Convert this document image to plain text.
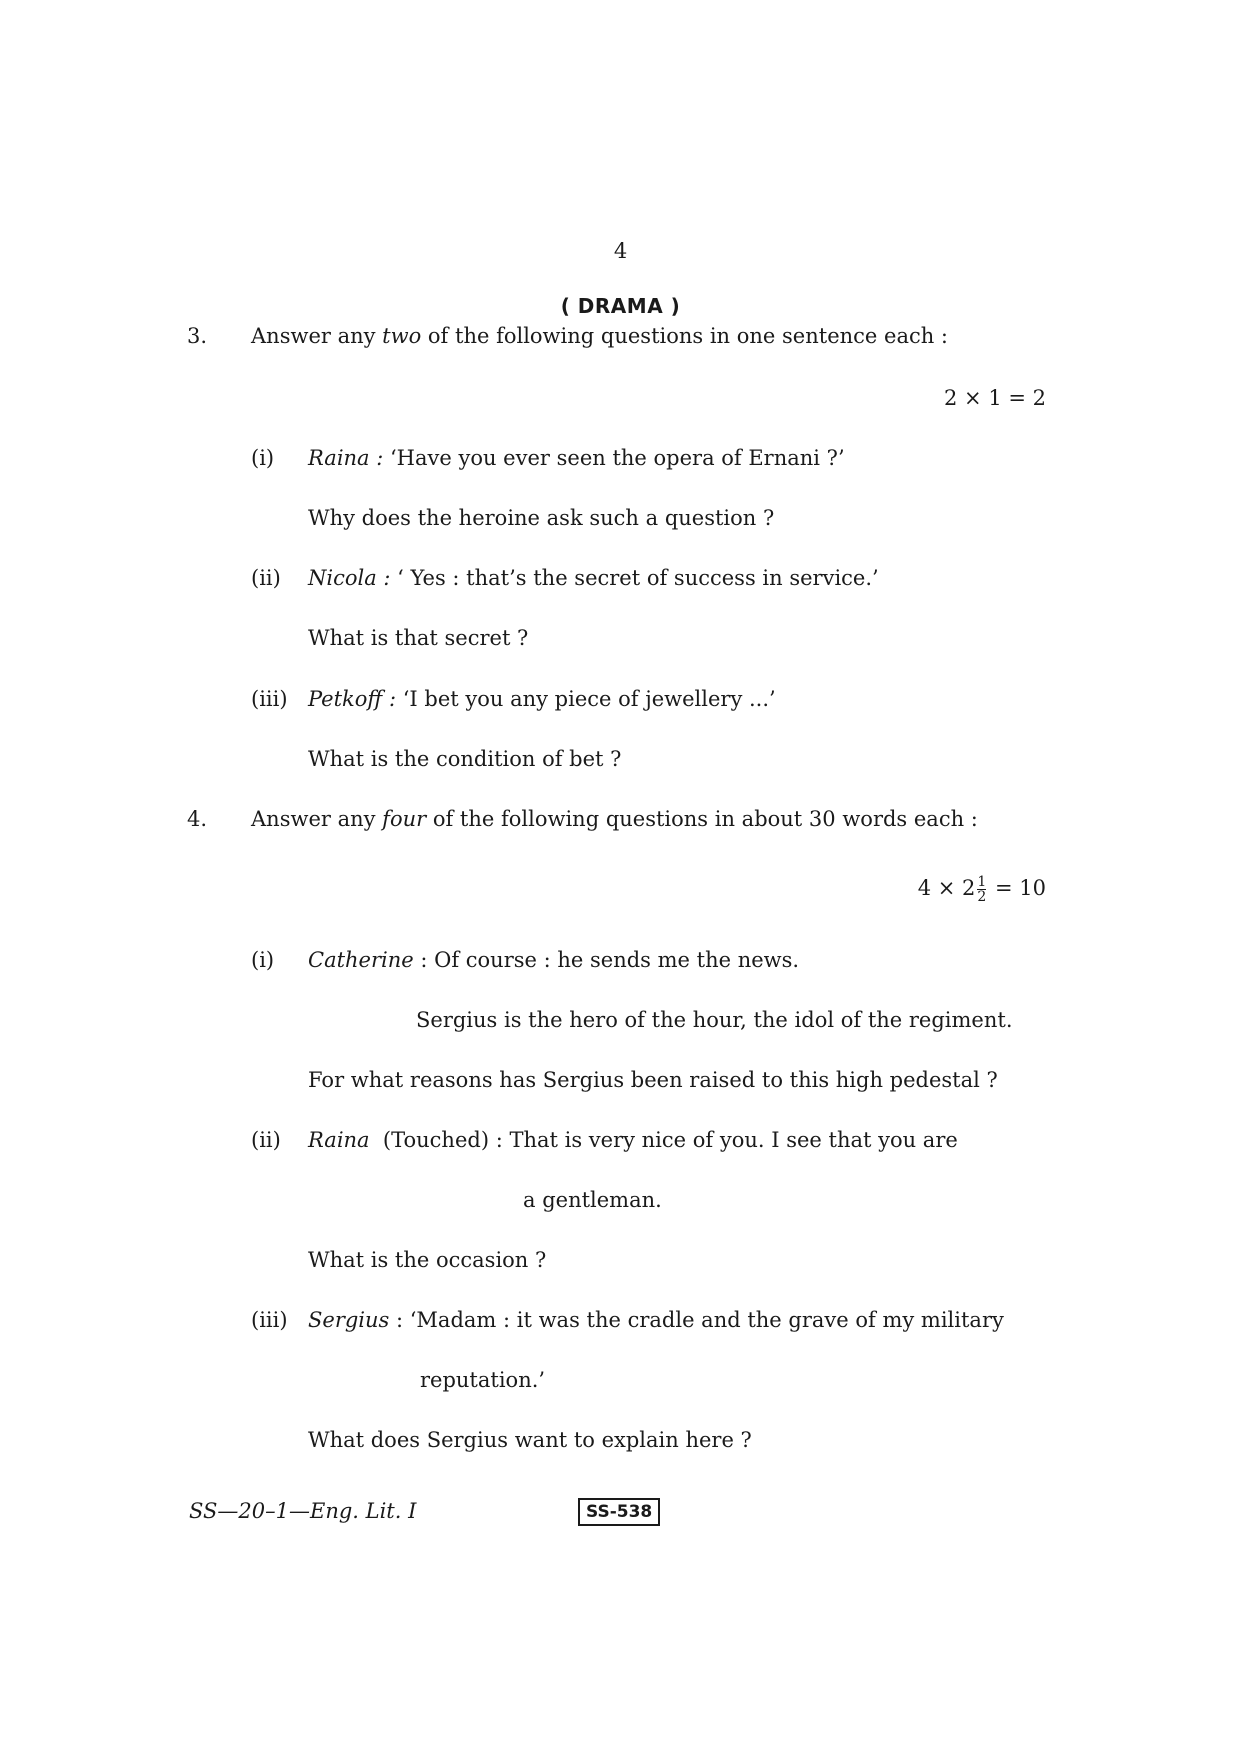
4
( DRAMA )
3. Answer any two of the following questions in one sentence each :
2 × 1 = 2
(i) Raina : ‘Have you ever seen the opera of Ernani ?’
Why does the heroine ask such a question ?
(ii) Nicola : ‘ Yes : that’s the secret of success in service.’
What is that secret ?
(iii) Petkoff : ‘I bet you any piece of jewellery ...’
What is the condition of bet ?
4. Answer any four of the following questions in about 30 words each :
$4 \times 2 \frac{1}{2} = 10$
(i) Catherine : Of course : he sends me the news.
Sergius is the hero of the hour, the idol of the regiment.
For what reasons has Sergius been raised to this high pedestal ?
(ii) Raina  (Touched) : That is very nice of you. I see that you are
a gentleman.
What is the occasion ?
(iii) Sergius : ‘Madam : it was the cradle and the grave of my military
reputation.’
What does Sergius want to explain here ?
SS—20–1—Eng. Lit. I	SS-538
